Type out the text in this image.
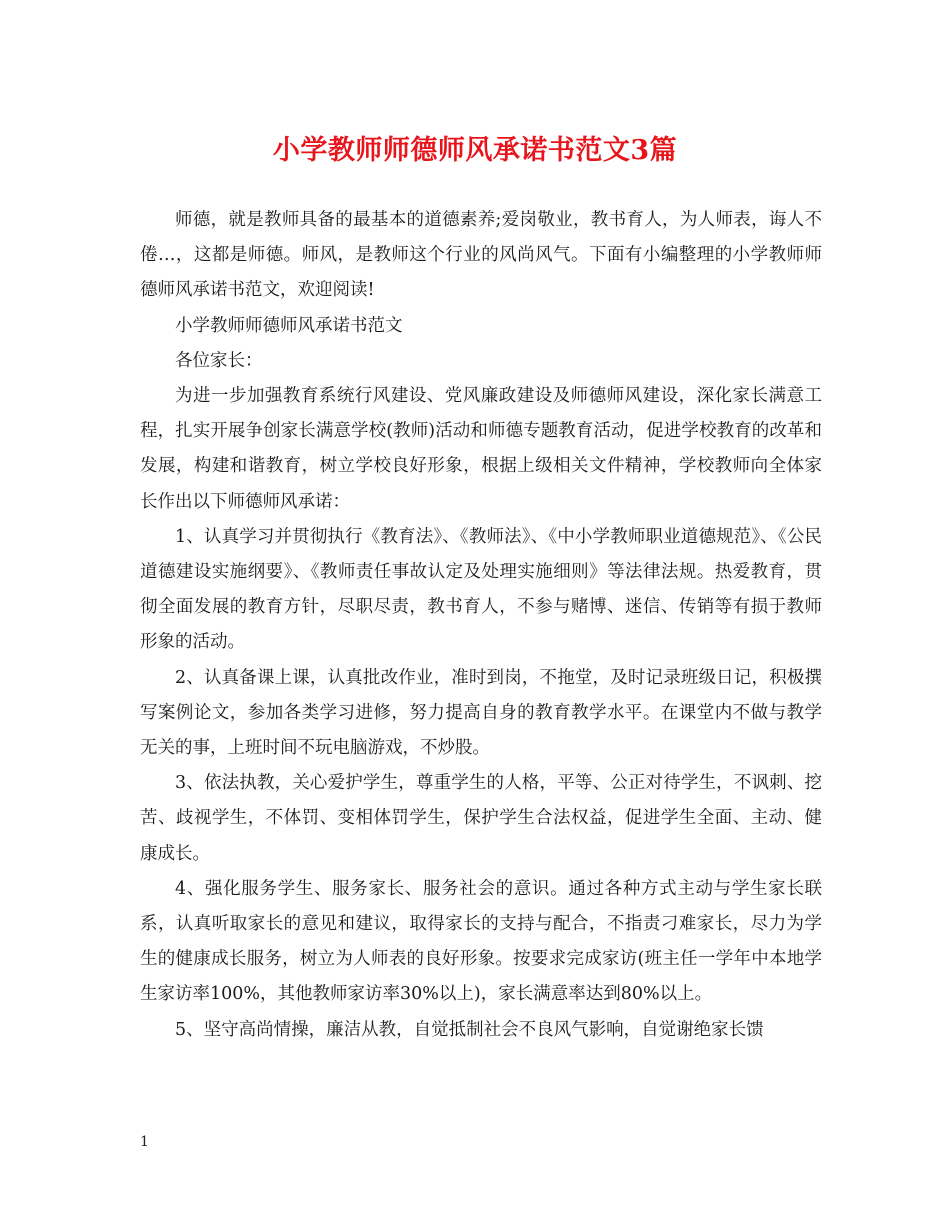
小学教师师德师风承诺书范文3篇

师德，就是教师具备的最基本的道德素养;爱岗敬业，教书育人，为人师表，诲人不倦…，这都是师德。师风，是教师这个行业的风尚风气。下面有小编整理的小学教师师德师风承诺书范文，欢迎阅读!

小学教师师德师风承诺书范文

各位家长：

为进一步加强教育系统行风建设、党风廉政建设及师德师风建设，深化家长满意工程，扎实开展争创家长满意学校(教师)活动和师德专题教育活动，促进学校教育的改革和发展，构建和谐教育，树立学校良好形象，根据上级相关文件精神，学校教师向全体家长作出以下师德师风承诺：

1、认真学习并贯彻执行《教育法》、《教师法》、《中小学教师职业道德规范》、《公民道德建设实施纲要》、《教师责任事故认定及处理实施细则》等法律法规。热爱教育，贯彻全面发展的教育方针，尽职尽责，教书育人，不参与赌博、迷信、传销等有损于教师形象的活动。

2、认真备课上课，认真批改作业，准时到岗，不拖堂，及时记录班级日记，积极撰写案例论文，参加各类学习进修，努力提高自身的教育教学水平。在课堂内不做与教学无关的事，上班时间不玩电脑游戏，不炒股。

3、依法执教，关心爱护学生，尊重学生的人格，平等、公正对待学生，不讽刺、挖苦、歧视学生，不体罚、变相体罚学生，保护学生合法权益，促进学生全面、主动、健康成长。

4、强化服务学生、服务家长、服务社会的意识。通过各种方式主动与学生家长联系，认真听取家长的意见和建议，取得家长的支持与配合，不指责刁难家长，尽力为学生的健康成长服务，树立为人师表的良好形象。按要求完成家访(班主任一学年中本地学生家访率100%，其他教师家访率30%以上)，家长满意率达到80%以上。

5、坚守高尚情操，廉洁从教，自觉抵制社会不良风气影响，自觉谢绝家长馈

1
